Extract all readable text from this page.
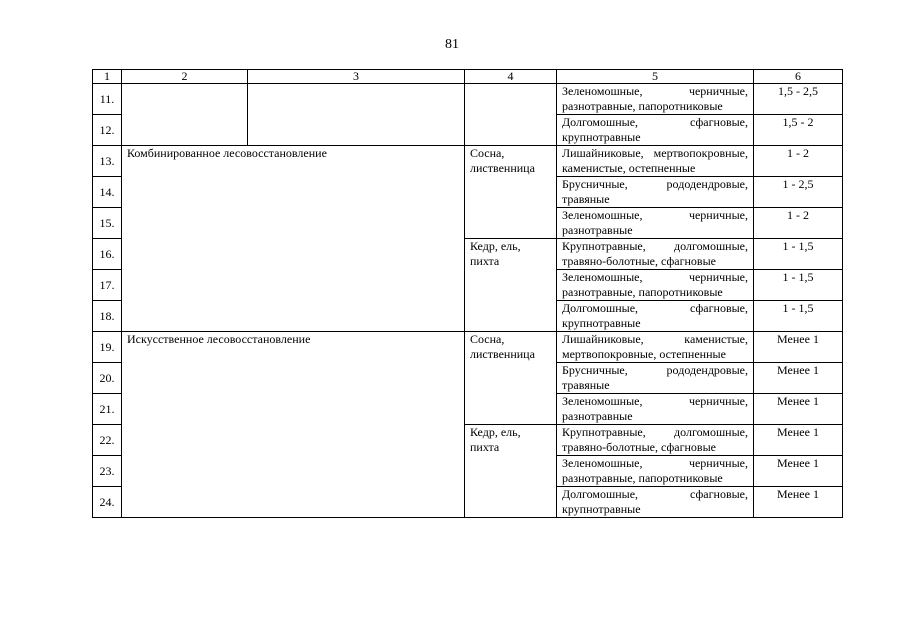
81
1	2	3	4	5	6
11.				Зеленомошные, черничные, разнотравные, папоротниковые	1,5 - 2,5
12.				Долгомошные, сфагновые, крупнотравные	1,5 - 2
13.	Комбинированное лесовосстановление		Сосна, лиственница	Лишайниковые, мертвопокровные, каменистые, остепненные	1 - 2
14.				Брусничные, рододендровые, травяные	1 - 2,5
15.				Зеленомошные, черничные, разнотравные	1 - 2
16.			Кедр, ель, пихта	Крупнотравные, долгомошные, травяно-болотные, сфагновые	1 - 1,5
17.				Зеленомошные, черничные, разнотравные, папоротниковые	1 - 1,5
18.				Долгомошные, сфагновые, крупнотравные	1 - 1,5
19.	Искусственное лесовосстановление		Сосна, лиственница	Лишайниковые, каменистые, мертвопокровные, остепненные	Менее 1
20.				Брусничные, рододендровые, травяные	Менее 1
21.				Зеленомошные, черничные, разнотравные	Менее 1
22.			Кедр, ель, пихта	Крупнотравные, долгомошные, травяно-болотные, сфагновые	Менее 1
23.				Зеленомошные, черничные, разнотравные, папоротниковые	Менее 1
24.				Долгомошные, сфагновые, крупнотравные	Менее 1
